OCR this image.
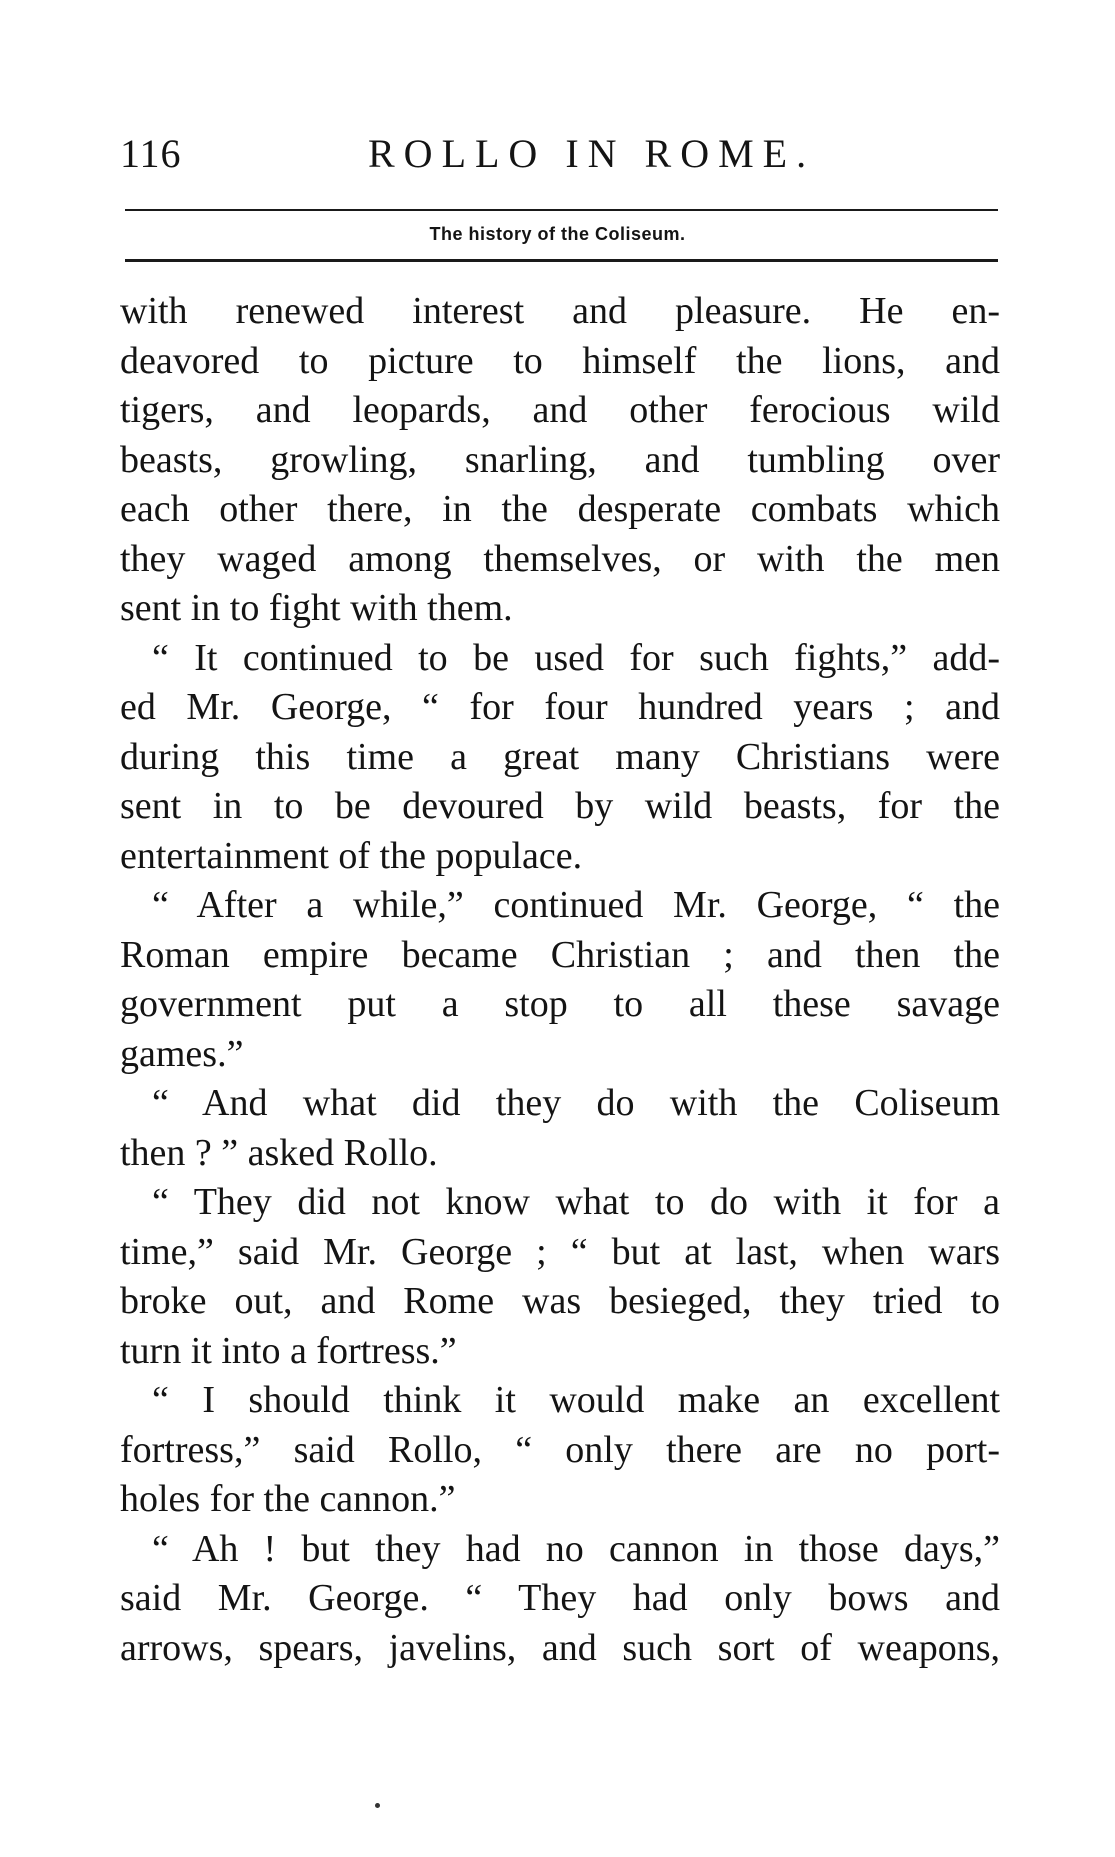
116	ROLLO IN ROME.
The history of the Coliseum.
with renewed interest and pleasure. He en-
deavored to picture to himself the lions, and
tigers, and leopards, and other ferocious wild
beasts, growling, snarling, and tumbling over
each other there, in the desperate combats which
they waged among themselves, or with the men
sent in to fight with them.
“ It continued to be used for such fights,” add-
ed Mr. George, “ for four hundred years ; and
during this time a great many Christians were
sent in to be devoured by wild beasts, for the
entertainment of the populace.
“ After a while,” continued Mr. George, “ the
Roman empire became Christian ; and then the
government put a stop to all these savage
games.”
“ And what did they do with the Coliseum
then ? ” asked Rollo.
“ They did not know what to do with it for a
time,” said Mr. George ; “ but at last, when wars
broke out, and Rome was besieged, they tried to
turn it into a fortress.”
“ I should think it would make an excellent
fortress,” said Rollo, “ only there are no port-
holes for the cannon.”
“ Ah ! but they had no cannon in those days,”
said Mr. George. “ They had only bows and
arrows, spears, javelins, and such sort of weapons,
